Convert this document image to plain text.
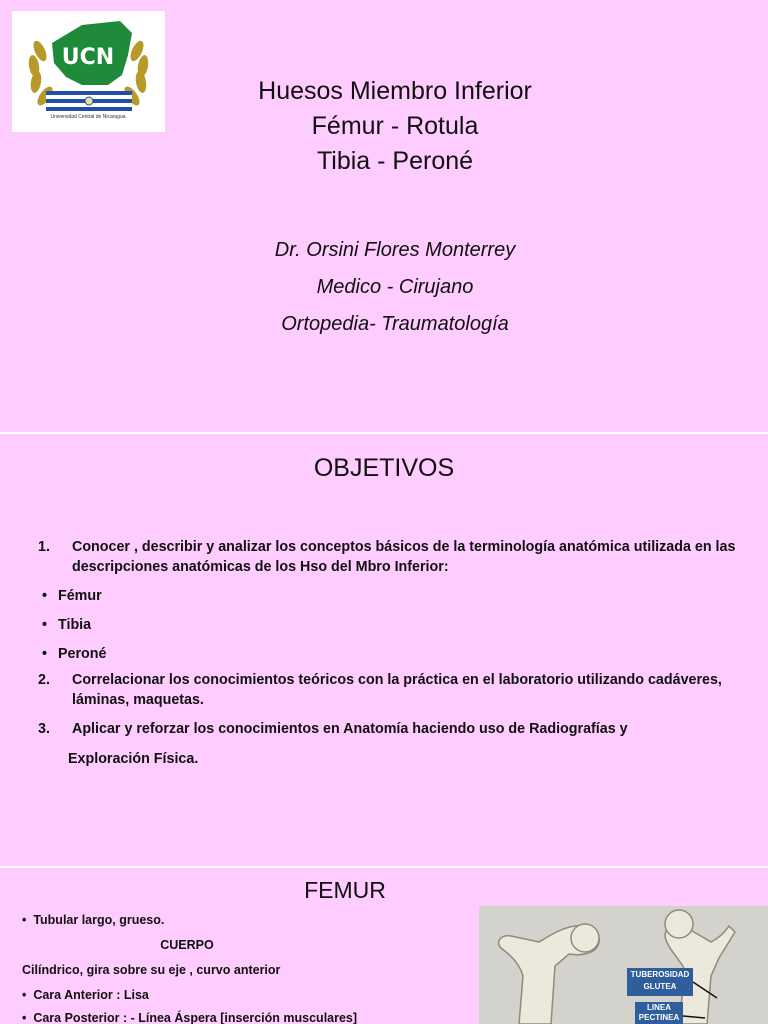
UCN
Universidad Central de Nicaragua
Huesos Miembro Inferior
Fémur - Rotula
Tibia - Peroné
Dr. Orsini Flores Monterrey
Medico - Cirujano
Ortopedia- Traumatología
OBJETIVOS
1.	Conocer , describir y analizar los conceptos básicos de la terminología anatómica utilizada en las descripciones anatómicas de los Hso del Mbro Inferior:
• Fémur
• Tibia
• Peroné
2.	Correlacionar los conocimientos teóricos con la práctica en el laboratorio utilizando cadáveres, láminas, maquetas.
3.	Aplicar y reforzar los conocimientos en Anatomía haciendo uso de Radiografías y
Exploración Física.
FEMUR
•  Tubular largo, grueso.
CUERPO
Cilíndrico, gira sobre su eje , curvo anterior
•  Cara Anterior : Lisa
•  Cara Posterior : - Línea Áspera [inserción musculares]
TUBEROSIDAD GLUTEA
LINEA PECTINEA
